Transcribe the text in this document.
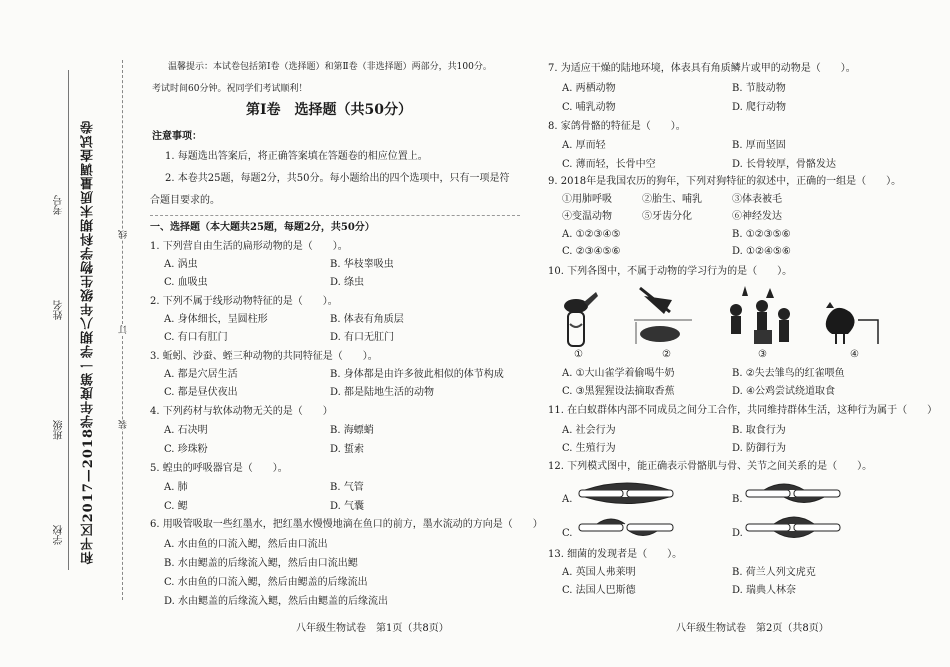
和平区2017—2018学年度第一学期八年级生物学科期末质量调查试卷
学校
班级
姓名
考号
装
订
线
温馨提示：本试卷包括第Ⅰ卷（选择题）和第Ⅱ卷（非选择题）两部分，共100分。
考试时间60分钟。祝同学们考试顺利！
第Ⅰ卷　选择题（共50分）
注意事项：
1. 每题选出答案后，将正确答案填在答题卷的相应位置上。
2. 本卷共25题，每题2分，共50分。每小题给出的四个选项中，只有一项是符
合题目要求的。
一、选择题（本大题共25题，每题2分，共50分）
1. 下列营自由生活的扁形动物的是（　　）。
A. 涡虫	B. 华枝睾吸虫
C. 血吸虫	D. 绦虫
2. 下列不属于线形动物特征的是（　　）。
A. 身体细长，呈圆柱形	B. 体表有角质层
C. 有口有肛门	D. 有口无肛门
3. 蚯蚓、沙蚕、蛭三种动物的共同特征是（　　）。
A. 都是穴居生活	B. 身体都是由许多彼此相似的体节构成
C. 都是昼伏夜出	D. 都是陆地生活的动物
4. 下列药材与软体动物无关的是（　　）
A. 石决明	B. 海螵蛸
C. 珍珠粉	D. 蜇索
5. 蝗虫的呼吸器官是（　　）。
A. 肺	B. 气管
C. 鳃	D. 气囊
6. 用吸管吸取一些红墨水，把红墨水慢慢地滴在鱼口的前方，墨水流动的方向是（　　）
A. 水由鱼的口流入鳃，然后由口流出
B. 水由鳃盖的后缘流入鳃，然后由口流出鳃
C. 水由鱼的口流入鳃，然后由鳃盖的后缘流出
D. 水由鳃盖的后缘流入鳃，然后由鳃盖的后缘流出
八年级生物试卷　第1页（共8页）
7. 为适应干燥的陆地环境，体表具有角质鳞片或甲的动物是（　　）。
A. 两栖动物	B. 节肢动物
C. 哺乳动物	D. 爬行动物
8. 家鸽骨骼的特征是（　　）。
A. 厚而轻	B. 厚而坚固
C. 薄而轻，长骨中空	D. 长骨较厚，骨骼发达
9. 2018年是我国农历的狗年，下列对狗特征的叙述中，正确的一组是（　　）。
①用肺呼吸	②胎生、哺乳	③体表被毛
④变温动物	⑤牙齿分化	⑥神经发达
A. ①②③④⑤	B. ①②③⑤⑥
C. ②③④⑤⑥	D. ①②④⑤⑥
10. 下列各图中，不属于动物的学习行为的是（　　）。
①	②	③	④
A. ①大山雀学着偷喝牛奶	B. ②失去雏鸟的红雀喂鱼
C. ③黑猩猩设法摘取香蕉	D. ④公鸡尝试绕道取食
11. 在白蚁群体内部不同成员之间分工合作，共同维持群体生活，这种行为属于（　　）
A. 社会行为	B. 取食行为
C. 生殖行为	D. 防御行为
12. 下列模式图中，能正确表示骨骼肌与骨、关节之间关系的是（　　）。
A.	B.
C.	D.
13. 细菌的发现者是（　　）。
A. 英国人弗莱明	B. 荷兰人列文虎克
C. 法国人巴斯德	D. 瑞典人林奈
八年级生物试卷　第2页（共8页）
